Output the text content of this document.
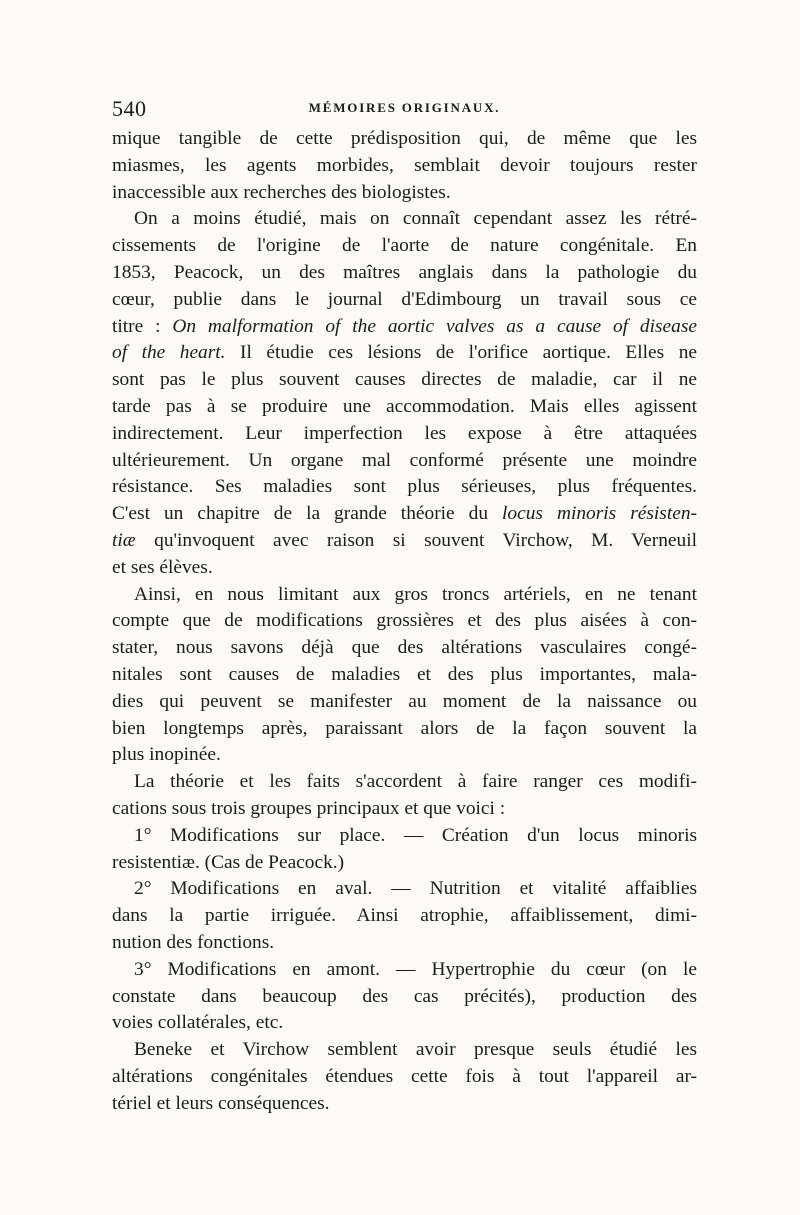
540	MÉMOIRES ORIGINAUX.
mique tangible de cette prédisposition qui, de même que les
miasmes, les agents morbides, semblait devoir toujours rester
inaccessible aux recherches des biologistes.
On a moins étudié, mais on connaît cependant assez les rétré-
cissements de l'origine de l'aorte de nature congénitale. En
1853, Peacock, un des maîtres anglais dans la pathologie du
cœur, publie dans le journal d'Edimbourg un travail sous ce
titre : On malformation of the aortic valves as a cause of disease
of the heart. Il étudie ces lésions de l'orifice aortique. Elles ne
sont pas le plus souvent causes directes de maladie, car il ne
tarde pas à se produire une accommodation. Mais elles agissent
indirectement. Leur imperfection les expose à être attaquées
ultérieurement. Un organe mal conformé présente une moindre
résistance. Ses maladies sont plus sérieuses, plus fréquentes.
C'est un chapitre de la grande théorie du locus minoris résisten-
tiæ qu'invoquent avec raison si souvent Virchow, M. Verneuil
et ses élèves.
Ainsi, en nous limitant aux gros troncs artériels, en ne tenant
compte que de modifications grossières et des plus aisées à con-
stater, nous savons déjà que des altérations vasculaires congé-
nitales sont causes de maladies et des plus importantes, mala-
dies qui peuvent se manifester au moment de la naissance ou
bien longtemps après, paraissant alors de la façon souvent la
plus inopinée.
La théorie et les faits s'accordent à faire ranger ces modifi-
cations sous trois groupes principaux et que voici :
1° Modifications sur place. — Création d'un locus minoris
resistentiæ. (Cas de Peacock.)
2° Modifications en aval. — Nutrition et vitalité affaiblies
dans la partie irriguée. Ainsi atrophie, affaiblissement, dimi-
nution des fonctions.
3° Modifications en amont. — Hypertrophie du cœur (on le
constate dans beaucoup des cas précités), production des
voies collatérales, etc.
Beneke et Virchow semblent avoir presque seuls étudié les
altérations congénitales étendues cette fois à tout l'appareil ar-
tériel et leurs conséquences.
